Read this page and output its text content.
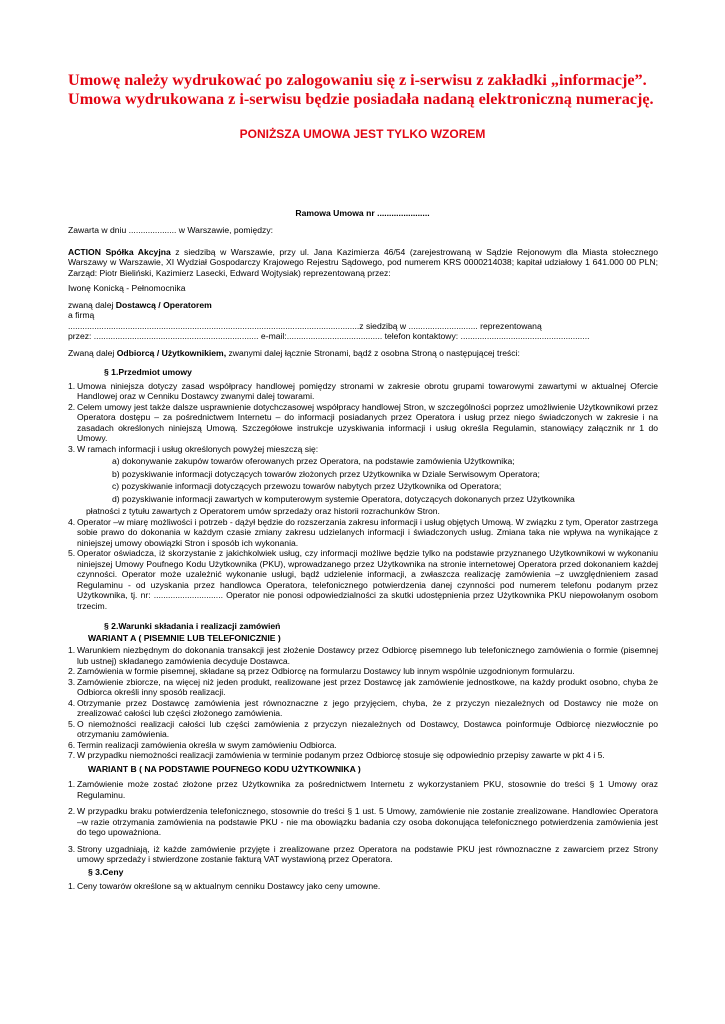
Umowę należy wydrukować po zalogowaniu się z i-serwisu z zakładki „informacje”.
Umowa wydrukowana z i-serwisu będzie posiadała nadaną elektroniczną numerację.
PONIŻSZA UMOWA JEST TYLKO WZOREM
Ramowa Umowa nr ......................

Zawarta w dniu .................... w Warszawie, pomiędzy:

ACTION Spółka Akcyjna z siedzibą w Warszawie, przy ul. Jana Kazimierza 46/54 (zarejestrowaną w Sądzie Rejonowym dla Miasta stołecznego Warszawy w Warszawie, XI Wydział Gospodarczy Krajowego Rejestru Sądowego, pod numerem KRS 0000214038; kapitał udziałowy 1 641.000 00 PLN; Zarząd: Piotr Bieliński, Kazimierz Lasecki, Edward Wojtysiak) reprezentowaną przez:

Iwonę Konicką - Pełnomocnika

zwaną dalej Dostawcą / Operatorem

a firmą

..........................................................................................................................z siedzibą w ............................. reprezentowaną

przez: ..................................................................... e-mail:........................................ telefon kontaktowy: ......................................................

Zwaną dalej Odbiorcą / Użytkownikiem, zwanymi dalej łącznie Stronami, bądź z osobna Stroną o następującej treści:

§ 1.Przedmiot umowy

1. Umowa niniejsza dotyczy zasad współpracy handlowej pomiędzy stronami w zakresie obrotu grupami towarowymi zawartymi w aktualnej Ofercie Handlowej oraz w Cenniku Dostawcy zwanymi dalej towarami.
2. Celem umowy jest także dalsze usprawnienie dotychczasowej współpracy handlowej Stron, w szczególności poprzez umożliwienie Użytkownikowi przez Operatora dostępu – za pośrednictwem Internetu – do informacji posiadanych przez Operatora i usług przez niego świadczonych w zakresie i na zasadach określonych niniejszą Umową. Szczegółowe instrukcje uzyskiwania informacji i usług określa Regulamin, stanowiący załącznik nr 1 do Umowy.
3. W ramach informacji i usług określonych powyżej mieszczą się:

a) dokonywanie zakupów towarów oferowanych przez Operatora, na podstawie zamówienia Użytkownika;

b) pozyskiwanie informacji dotyczących towarów złożonych przez Użytkownika w Dziale Serwisowym Operatora;

c) pozyskiwanie informacji dotyczących przewozu towarów nabytych przez Użytkownika od Operatora;

d) pozyskiwanie informacji zawartych w komputerowym systemie Operatora, dotyczących dokonanych przez Użytkownika

płatności z tytułu zawartych z Operatorem umów sprzedaży oraz historii rozrachunków Stron.

4. Operator –w miarę możliwości i potrzeb - dążył będzie do rozszerzania zakresu informacji i usług objętych Umową. W związku z tym, Operator zastrzega sobie prawo do dokonania w każdym czasie zmiany zakresu udzielanych informacji i świadczonych usług. Zmiana taka nie wpływa na wynikające z niniejszej umowy obowiązki Stron i sposób ich wykonania.
5. Operator oświadcza, iż skorzystanie z jakichkolwiek usług, czy informacji możliwe będzie tylko na podstawie przyznanego Użytkownikowi w wykonaniu niniejszej Umowy Poufnego Kodu Użytkownika (PKU), wprowadzanego przez Użytkownika na stronie internetowej Operatora przed dokonaniem każdej czynności. Operator może uzależnić wykonanie usługi, bądź udzielenie informacji, a zwłaszcza realizację zamówienia –z uwzględnieniem zasad Regulaminu - od uzyskania przez handlowca Operatora, telefonicznego potwierdzenia danej czynności pod numerem telefonu podanym przez Użytkownika, tj. nr: ............................. Operator nie ponosi odpowiedzialności za skutki udostępnienia przez Użytkownika PKU niepowołanym osobom trzecim.

§ 2.Warunki składania i realizacji zamówień

WARIANT A ( PISEMNIE LUB TELEFONICZNIE )

1. Warunkiem niezbędnym do dokonania transakcji jest złożenie Dostawcy przez Odbiorcę pisemnego lub telefonicznego zamówienia o formie (pisemnej lub ustnej) składanego zamówienia decyduje Dostawca.
2. Zamówienia w formie pisemnej, składane są przez Odbiorcę na formularzu Dostawcy lub innym wspólnie uzgodnionym formularzu.
3. Zamówienie zbiorcze, na więcej niż jeden produkt, realizowane jest przez Dostawcę jak zamówienie jednostkowe, na każdy produkt osobno, chyba że Odbiorca określi inny sposób realizacji.
4. Otrzymanie przez Dostawcę zamówienia jest równoznaczne z jego przyjęciem, chyba, że z przyczyn niezależnych od Dostawcy nie może on zrealizować całości lub części złożonego zamówienia.
5. O niemożności realizacji całości lub części zamówienia z przyczyn niezależnych od Dostawcy, Dostawca poinformuje Odbiorcę niezwłocznie po otrzymaniu zamówienia.
6. Termin realizacji zamówienia określa w swym zamówieniu Odbiorca.
7. W przypadku niemożności realizacji zamówienia w terminie podanym przez Odbiorcę stosuje się odpowiednio przepisy zawarte w pkt 4 i 5.

WARIANT B ( NA PODSTAWIE POUFNEGO KODU UŻYTKOWNIKA )

1. Zamówienie może zostać złożone przez Użytkownika za pośrednictwem Internetu z wykorzystaniem PKU, stosownie do treści § 1 Umowy oraz Regulaminu.
2. W przypadku braku potwierdzenia telefonicznego, stosownie do treści § 1 ust. 5 Umowy, zamówienie nie zostanie zrealizowane. Handlowiec Operatora –w razie otrzymania zamówienia na podstawie PKU - nie ma obowiązku badania czy osoba dokonująca telefonicznego potwierdzenia zamówienia jest do tego upoważniona.
3. Strony uzgadniają, iż każde zamówienie przyjęte i zrealizowane przez Operatora na podstawie PKU jest równoznaczne z zawarciem przez Strony umowy sprzedaży i stwierdzone zostanie fakturą VAT wystawioną przez Operatora.

§ 3.Ceny

1. Ceny towarów określone są w aktualnym cenniku Dostawcy jako ceny umowne.
